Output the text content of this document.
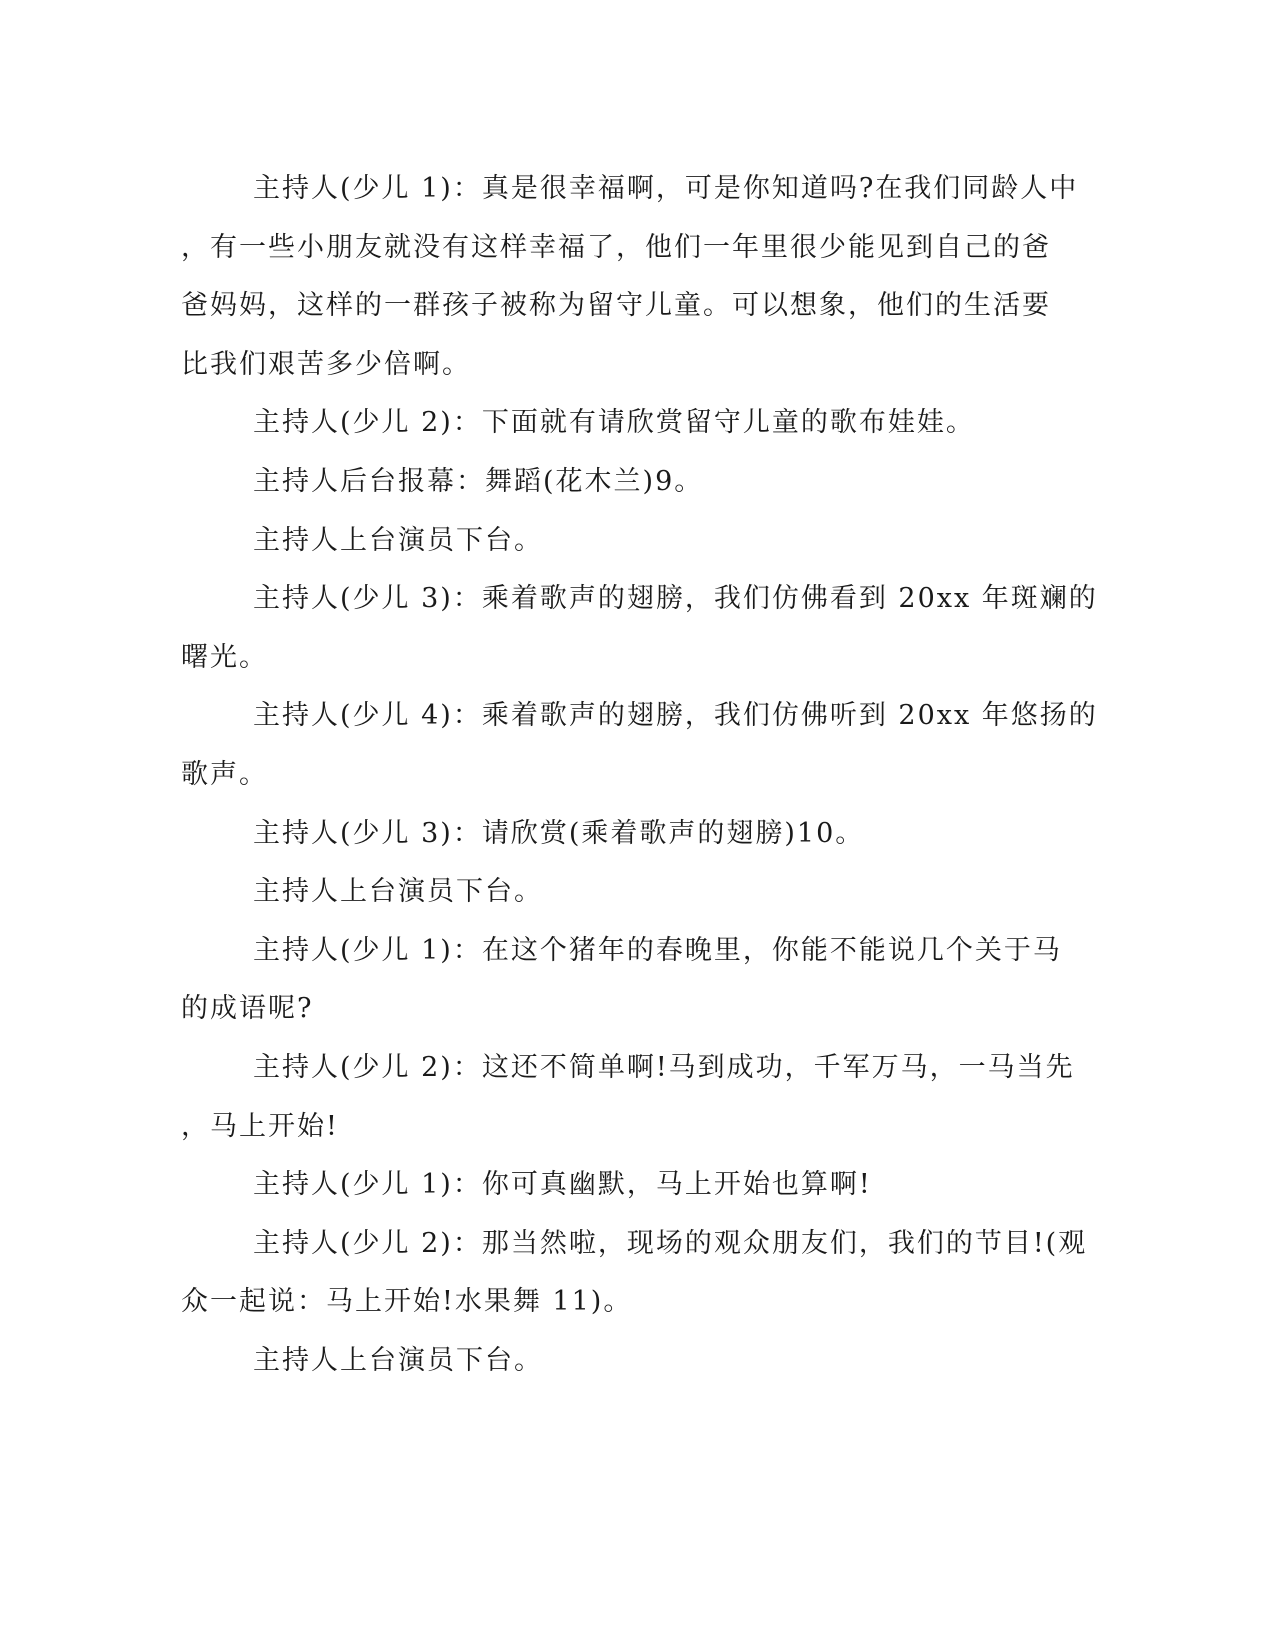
主持人(少儿 1)：真是很幸福啊，可是你知道吗?在我们同龄人中

，有一些小朋友就没有这样幸福了，他们一年里很少能见到自己的爸

爸妈妈，这样的一群孩子被称为留守儿童。可以想象，他们的生活要

比我们艰苦多少倍啊。

主持人(少儿 2)：下面就有请欣赏留守儿童的歌布娃娃。

主持人后台报幕：舞蹈(花木兰)9。

主持人上台演员下台。

主持人(少儿 3)：乘着歌声的翅膀，我们仿佛看到 20xx 年斑斓的

曙光。

主持人(少儿 4)：乘着歌声的翅膀，我们仿佛听到 20xx 年悠扬的

歌声。

主持人(少儿 3)：请欣赏(乘着歌声的翅膀)10。

主持人上台演员下台。

主持人(少儿 1)：在这个猪年的春晚里，你能不能说几个关于马

的成语呢?

主持人(少儿 2)：这还不简单啊!马到成功，千军万马，一马当先

，马上开始!

主持人(少儿 1)：你可真幽默，马上开始也算啊!

主持人(少儿 2)：那当然啦，现场的观众朋友们，我们的节目!(观

众一起说：马上开始!水果舞 11)。

主持人上台演员下台。
